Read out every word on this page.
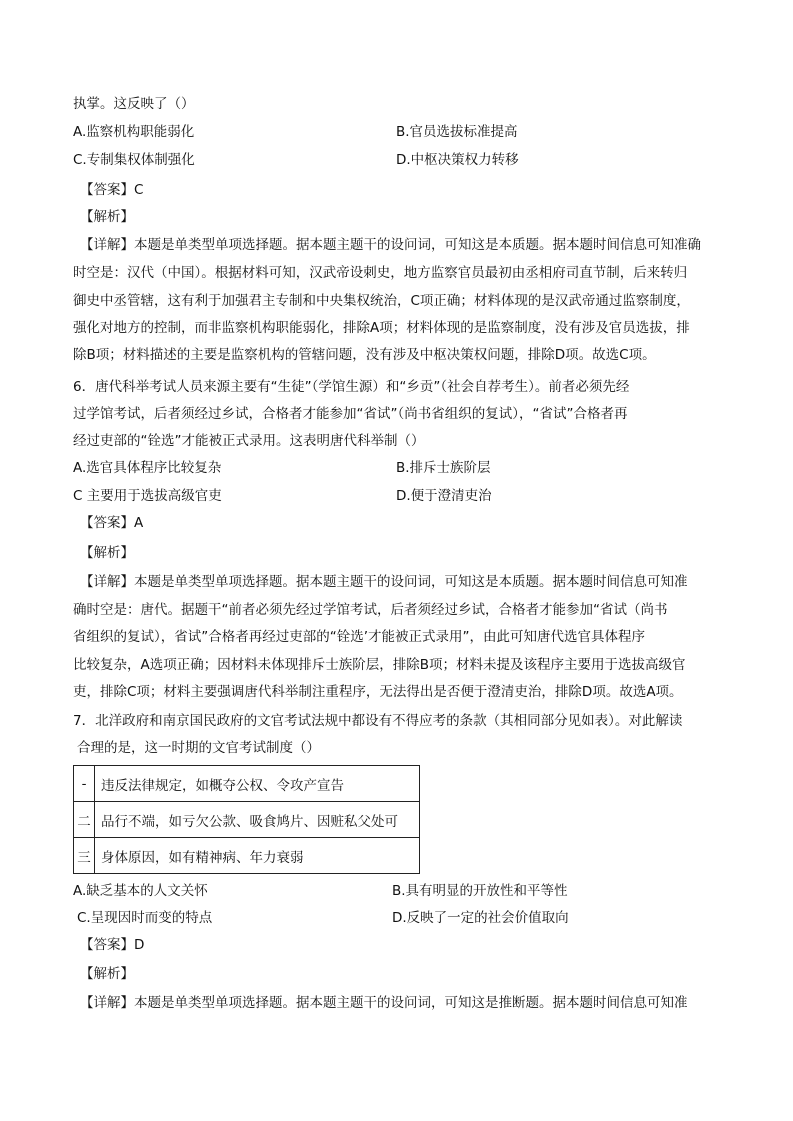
执掌。这反映了（）
A.监察机构职能弱化	B.官员选拔标准提高
C.专制集权体制强化	D.中枢决策权力转移
【答案】C
【解析】
【详解】本题是单类型单项选择题。据本题主题干的设问词，可知这是本质题。据本题时间信息可知准确
时空是：汉代（中国）。根据材料可知，汉武帝设刺史，地方监察官员最初由丞相府司直节制，后来转归
御史中丞管辖，这有利于加强君主专制和中央集权统治，C项正确；材料体现的是汉武帝通过监察制度，
强化对地方的控制，而非监察机构职能弱化，排除A项；材料体现的是监察制度，没有涉及官员选拔，排
除B项；材料描述的主要是监察机构的管辖问题，没有涉及中枢决策权问题，排除D项。故选C项。
6．唐代科举考试人员来源主要有“生徒”（学馆生源）和“乡贡”（社会自荐考生）。前者必须先经
过学馆考试，后者须经过乡试，合格者才能参加“省试”（尚书省组织的复试），“省试”合格者再
经过吏部的“铨选”才能被正式录用。这表明唐代科举制（）
A.选官具体程序比较复杂	B.排斥士族阶层
C 主要用于选拔高级官吏	D.便于澄清吏治
【答案】A
【解析】
【详解】本题是单类型单项选择题。据本题主题干的设问词，可知这是本质题。据本题时间信息可知准
确时空是：唐代。据题干“前者必须先经过学馆考试，后者须经过乡试，合格者才能参加“省试（尚书
省组织的复试），省试”合格者再经过吏部的“铨选’才能被正式录用”，由此可知唐代选官具体程序
比较复杂，A选项正确；因材料未体现排斥士族阶层，排除B项；材料未提及该程序主要用于选拔高级官
吏，排除C项；材料主要强调唐代科举制注重程序，无法得出是否便于澄清吏治，排除D项。故选A项。
7．北洋政府和南京国民政府的文官考试法规中都设有不得应考的条款（其相同部分见如表）。对此解读
合理的是，这一时期的文官考试制度（）
-	违反法律规定，如概夺公权、令攻产宣告
二	品行不端，如亏欠公款、吸食鸠片、因赃私父处可
三	身体原因，如有精神病、年力衰弱
A.缺乏基本的人文关怀	B.具有明显的开放性和平等性
C.呈现因时而变的特点	D.反映了一定的社会价值取向
【答案】D
【解析】
【详解】本题是单类型单项选择题。据本题主题干的设问词，可知这是推断题。据本题时间信息可知准
